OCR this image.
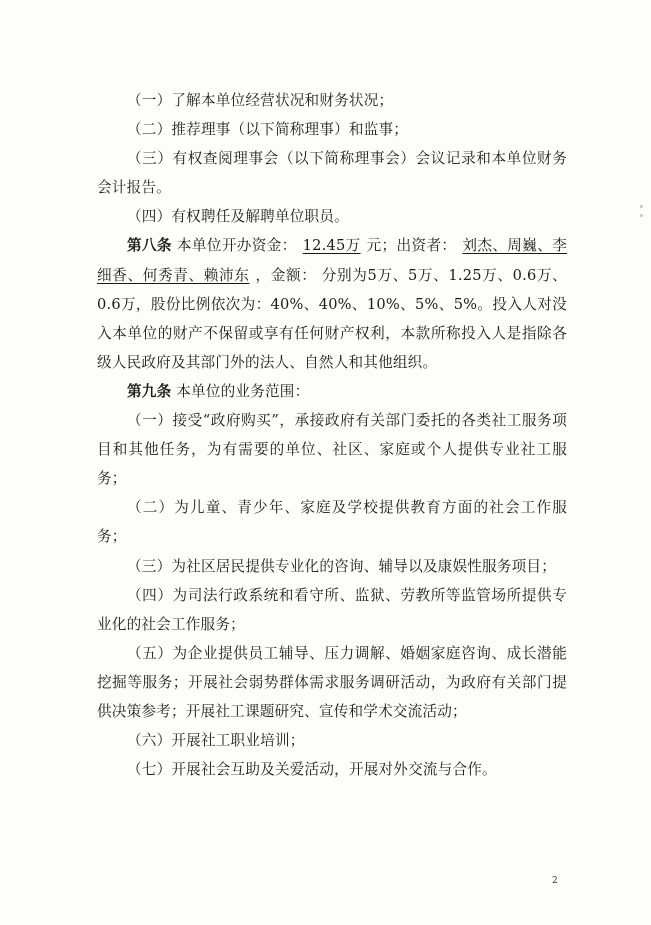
（一）了解本单位经营状况和财务状况；

（二）推荐理事（以下简称理事）和监事；

（三）有权查阅理事会（以下简称理事会）会议记录和本单位财务会计报告。

（四）有权聘任及解聘单位职员。

第八条 本单位开办资金： 12.45万 元；出资者： 刘杰、周巍、李细香、何秀青、赖沛东 ，金额： 分别为5万、5万、1.25万、0.6万、0.6万，股份比例依次为：40%、40%、10%、5%、5%。投入人对没入本单位的财产不保留或享有任何财产权利，本款所称投入人是指除各级人民政府及其部门外的法人、自然人和其他组织。

第九条 本单位的业务范围：

（一）接受“政府购买”，承接政府有关部门委托的各类社工服务项目和其他任务，为有需要的单位、社区、家庭或个人提供专业社工服务；

（二）为儿童、青少年、家庭及学校提供教育方面的社会工作服务；

（三）为社区居民提供专业化的咨询、辅导以及康娱性服务项目；

（四）为司法行政系统和看守所、监狱、劳教所等监管场所提供专业化的社会工作服务；

（五）为企业提供员工辅导、压力调解、婚姻家庭咨询、成长潜能挖掘等服务；开展社会弱势群体需求服务调研活动，为政府有关部门提供决策参考；开展社工课题研究、宣传和学术交流活动；

（六）开展社工职业培训；

（七）开展社会互助及关爱活动，开展对外交流与合作。

2
